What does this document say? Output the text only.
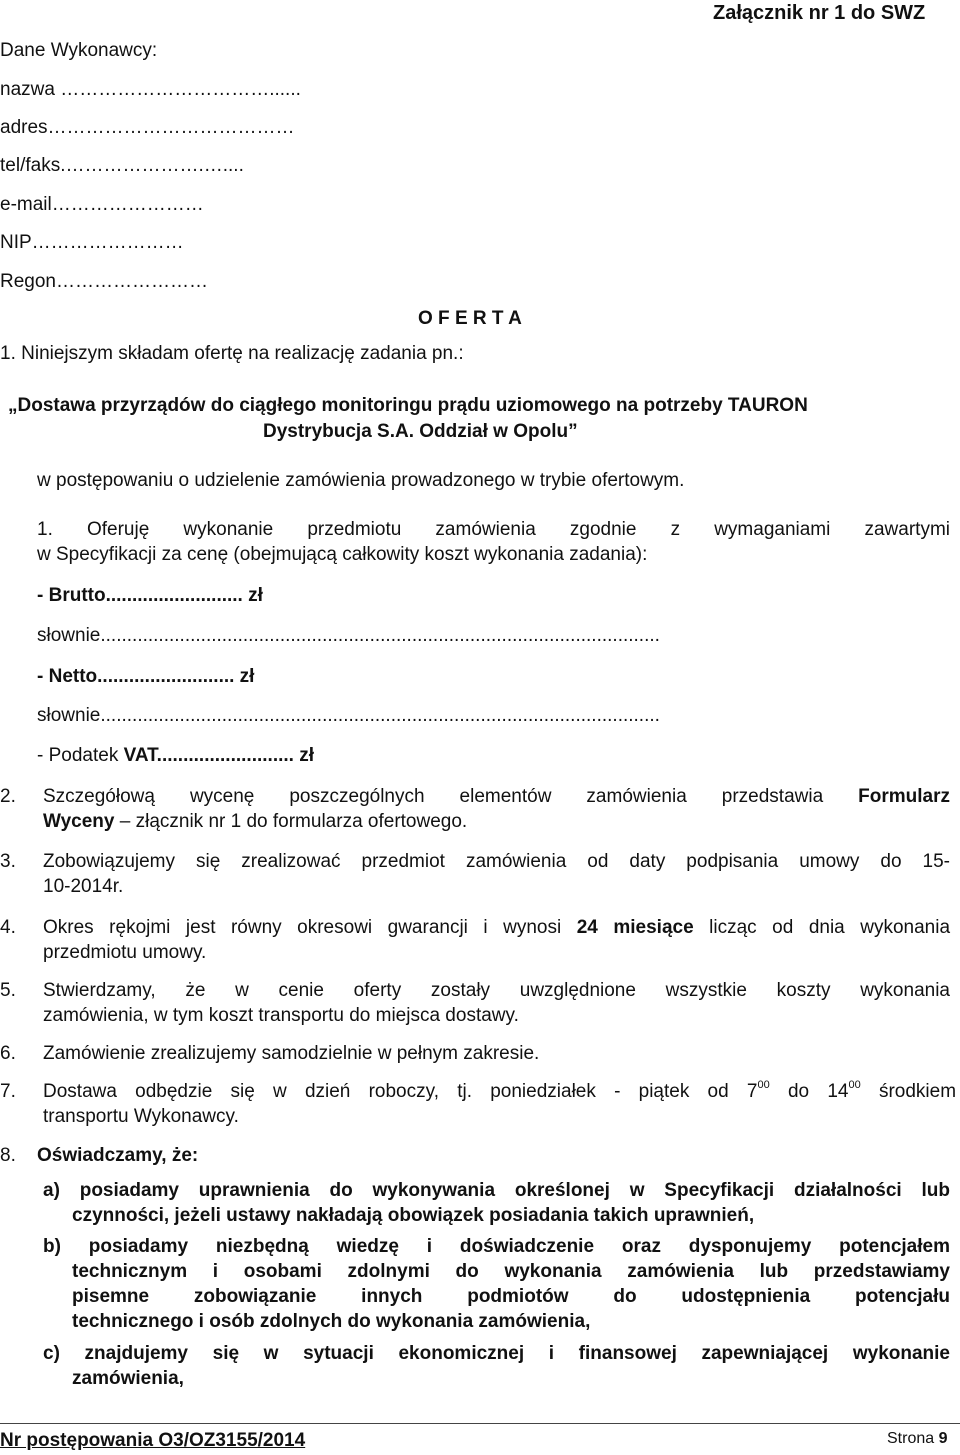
Załącznik nr 1 do SWZ
Dane Wykonawcy:
nazwa ……………………………......
adres…………………………………
tel/faks.………………….…....
e-mail……………………
NIP……………………
Regon……………………
O F E R T A
1. Niniejszym składam ofertę na realizację zadania pn.:
„Dostawa przyrządów do ciągłego monitoringu prądu uziomowego na potrzeby TAURON
Dystrybucja S.A. Oddział w Opolu”
w postępowaniu o udzielenie zamówienia prowadzonego w trybie ofertowym.
1. Oferuję wykonanie przedmiotu zamówienia zgodnie z wymaganiami zawartymi
w Specyfikacji za cenę (obejmującą całkowity koszt wykonania zadania):
- Brutto.......................... zł
słownie..........................................................................................................
- Netto.......................... zł
słownie..........................................................................................................
- Podatek VAT.......................... zł
2. Szczegółową wycenę poszczególnych elementów zamówienia przedstawia Formularz
Wyceny – złącznik nr 1 do formularza ofertowego.
3. Zobowiązujemy się zrealizować przedmiot zamówienia od daty podpisania umowy do 15-
10-2014r.
4. Okres rękojmi jest równy okresowi gwarancji i wynosi 24 miesiące licząc od dnia wykonania
przedmiotu umowy.
5. Stwierdzamy, że w cenie oferty zostały uwzględnione wszystkie koszty wykonania
zamówienia, w tym koszt transportu do miejsca dostawy.
6. Zamówienie zrealizujemy samodzielnie w pełnym zakresie.
7. Dostawa odbędzie się w dzień roboczy, tj. poniedziałek - piątek od $7^{00}$ do $14^{00}$ środkiem
transportu Wykonawcy.
8. Oświadczamy, że:
a) posiadamy uprawnienia do wykonywania określonej w Specyfikacji działalności lub
czynności, jeżeli ustawy nakładają obowiązek posiadania takich uprawnień,
b) posiadamy niezbędną wiedzę i doświadczenie oraz dysponujemy potencjałem
technicznym i osobami zdolnymi do wykonania zamówienia lub przedstawiamy
pisemne zobowiązanie innych podmiotów do udostępnienia potencjału
technicznego i osób zdolnych do wykonania zamówienia,
c) znajdujemy się w sytuacji ekonomicznej i finansowej zapewniającej wykonanie
zamówienia,
Nr postępowania O3/OZ3155/2014	Strona 9
